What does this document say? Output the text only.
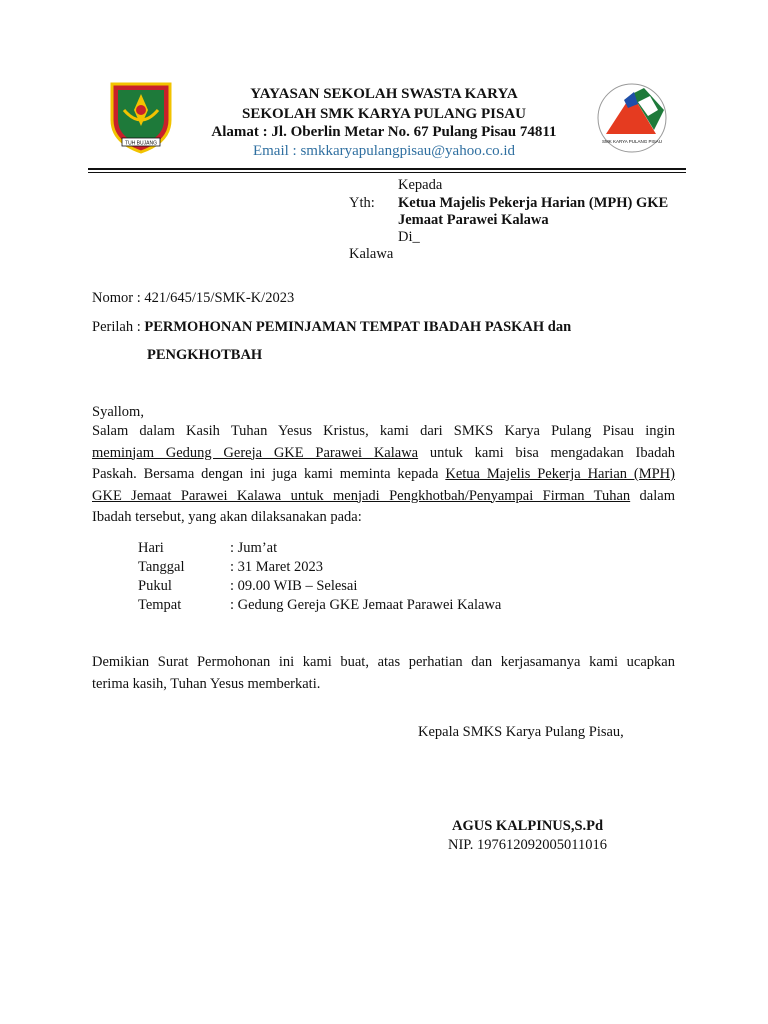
TUH BUJANG	SMK KARYA PULANG PISAU
YAYASAN SEKOLAH SWASTA KARYA
SEKOLAH SMK KARYA PULANG PISAU
Alamat : Jl. Oberlin Metar No. 67 Pulang Pisau 74811
Email : smkkaryapulangpisau@yahoo.co.id
Kepada
Yth: Ketua Majelis Pekerja Harian (MPH) GKE
Jemaat Parawei Kalawa
Di_
Kalawa
Nomor : 421/645/15/SMK-K/2023
Perilah : PERMOHONAN PEMINJAMAN TEMPAT IBADAH PASKAH dan
PENGKHOTBAH
Syallom,
Salam dalam Kasih Tuhan Yesus Kristus, kami dari SMKS Karya Pulang Pisau ingin
meminjam Gedung Gereja GKE Parawei Kalawa untuk kami bisa mengadakan Ibadah
Paskah. Bersama dengan ini juga kami meminta kepada Ketua Majelis Pekerja Harian (MPH)
GKE Jemaat Parawei Kalawa untuk menjadi Pengkhotbah/Penyampai Firman Tuhan dalam
Ibadah tersebut, yang akan dilaksanakan pada:
Hari	: Jum’at
Tanggal	: 31 Maret 2023
Pukul	: 09.00 WIB – Selesai
Tempat	: Gedung Gereja GKE Jemaat Parawei Kalawa
Demikian Surat Permohonan ini kami buat, atas perhatian dan kerjasamanya kami ucapkan
terima kasih, Tuhan Yesus memberkati.
Kepala SMKS Karya Pulang Pisau,
AGUS KALPINUS,S.Pd
NIP. 197612092005011016
